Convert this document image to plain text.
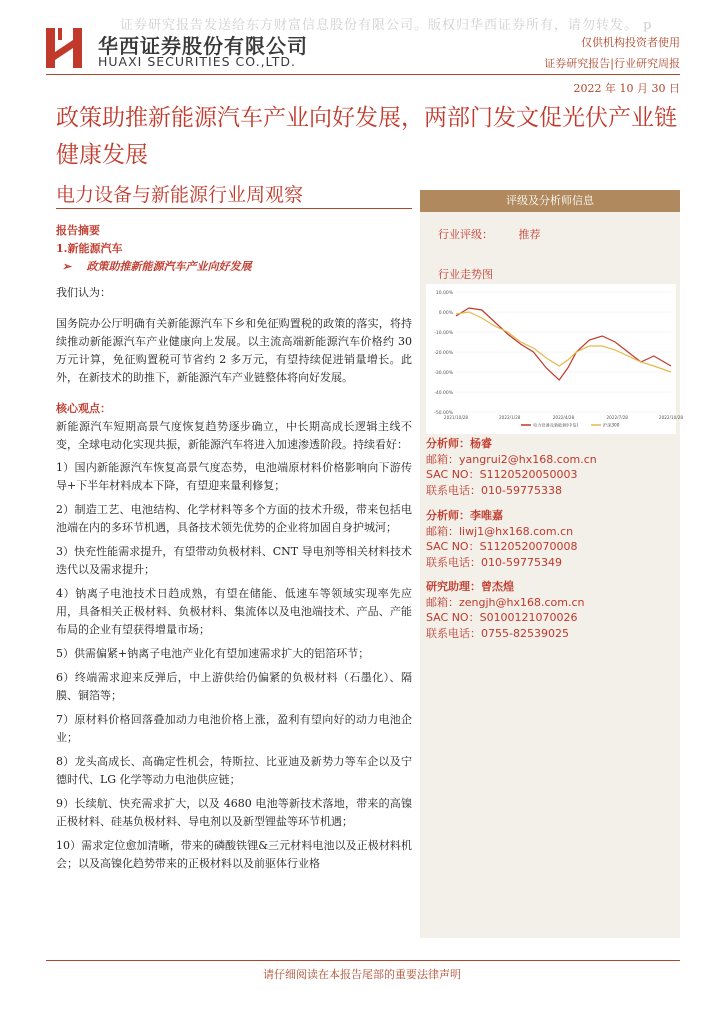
证券研究报告发送给东方财富信息股份有限公司。版权归华西证券所有，请勿转发。 p
华西证券股份有限公司
HUAXI SECURITIES CO.,LTD.
仅供机构投资者使用
证券研究报告|行业研究周报
2022 年 10 月 30 日
政策助推新能源汽车产业向好发展，两部门发文促光伏产业链健康发展
电力设备与新能源行业周观察
报告摘要
1.新能源汽车
➢ 政策助推新能源汽车产业向好发展

我们认为：

国务院办公厅明确有关新能源汽车下乡和免征购置税的政策的落实，将持续推动新能源汽车产业健康向上发展。以主流高端新能源汽车价格约 30 万元计算，免征购置税可节省约 2 多万元，有望持续促进销量增长。此外，在新技术的助推下，新能源汽车产业链整体将向好发展。

核心观点：

新能源汽车短期高景气度恢复趋势逐步确立，中长期高成长逻辑主线不变，全球电动化实现共振，新能源汽车将进入加速渗透阶段。持续看好：

1）国内新能源汽车恢复高景气度态势，电池端原材料价格影响向下游传导+下半年材料成本下降，有望迎来量利修复；
2）制造工艺、电池结构、化学材料等多个方面的技术升级，带来包括电池端在内的多环节机遇，具备技术领先优势的企业将加固自身护城河；
3）快充性能需求提升，有望带动负极材料、CNT 导电剂等相关材料技术迭代以及需求提升；
4）钠离子电池技术日趋成熟，有望在储能、低速车等领域实现率先应用，具备相关正极材料、负极材料、集流体以及电池端技术、产品、产能布局的企业有望获得增量市场；
5）供需偏紧+钠离子电池产业化有望加速需求扩大的铝箔环节；
6）终端需求迎来反弹后，中上游供给仍偏紧的负极材料（石墨化）、隔膜、铜箔等；
7）原材料价格回落叠加动力电池价格上涨，盈利有望向好的动力电池企业；
8）龙头高成长、高确定性机会，特斯拉、比亚迪及新势力等车企以及宁德时代、LG 化学等动力电池供应链；
9）长续航、快充需求扩大，以及 4680 电池等新技术落地，带来的高镍正极材料、硅基负极材料、导电剂以及新型锂盐等环节机遇；
10）需求定位愈加清晰，带来的磷酸铁锂&三元材料电池以及正极材料机会；以及高镍化趋势带来的正极材料以及前驱体行业格
评级及分析师信息
行业评级： 推荐
行业走势图
10.00%
0.00%
-10.00%
-20.00%
-30.00%
-40.00%
-50.00%
2021/10/28	2022/1/28	2022/4/28	2022/7/28	2022/10/28
电力设备及新能源(中信)	沪深300
分析师：杨睿
邮箱：yangrui2@hx168.com.cn
SAC NO：S1120520050003
联系电话：010-59775338
分析师：李唯嘉
邮箱：liwj1@hx168.com.cn
SAC NO：S1120520070008
联系电话：010-59775349
研究助理：曾杰煌
邮箱：zengjh@hx168.com.cn
SAC NO：S0100121070026
联系电话：0755-82539025
请仔细阅读在本报告尾部的重要法律声明
